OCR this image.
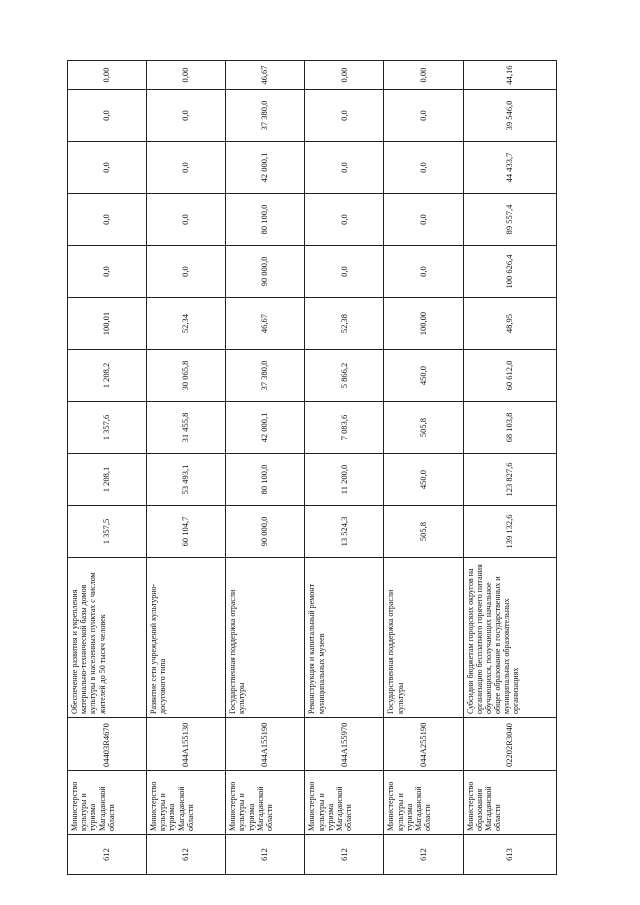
612	Министерство культуры и туризма Магаданской области	04403R4670	Обеспечение развития и укрепления материально-технической базы домов культуры в населенных пунктах с числом жителей до 50 тысяч человек	1 357,5	1 208,1	1 357,6	1 208,2	100,01	0,0	0,0	0,0	0,0	0,00	
612	Министерство культуры и туризма Магаданской области	044А155130	Развитие сети учреждений культурно-досугового типа	60 104,7	53 493,1	31 455,8	30 065,8	52,34	0,0	0,0	0,0	0,0	0,00	
612	Министерство культуры и туризма Магаданской области	044А155190	Государственная поддержка отрасли культуры	90 000,0	80 100,0	42 000,1	37 380,0	46,67	90 000,0	80 100,0	42 000,1	37 380,0	46,67	
612	Министерство культуры и туризма Магаданской области	044А155970	Реконструкция и капитальный ремонт муниципальных музеев	13 524,3	11 200,0	7 083,6	5 866,2	52,38	0,0	0,0	0,0	0,0	0,00	
612	Министерство культуры и туризма Магаданской области	044А255190	Государственная поддержка отрасли культуры	505,8	450,0	505,8	450,0	100,00	0,0	0,0	0,0	0,0	0,00	
613	Министерство образования Магаданской области	02202R3040	Субсидии бюджетам городских округов на организацию бесплатного горячего питания обучающихся, получающих начальное общее образование в государственных и муниципальных образовательных организациях	139 132,6	123 827,6	68 103,8	60 612,0	48,95	100 626,4	89 557,4	44 433,7	39 546,0	44,16	
